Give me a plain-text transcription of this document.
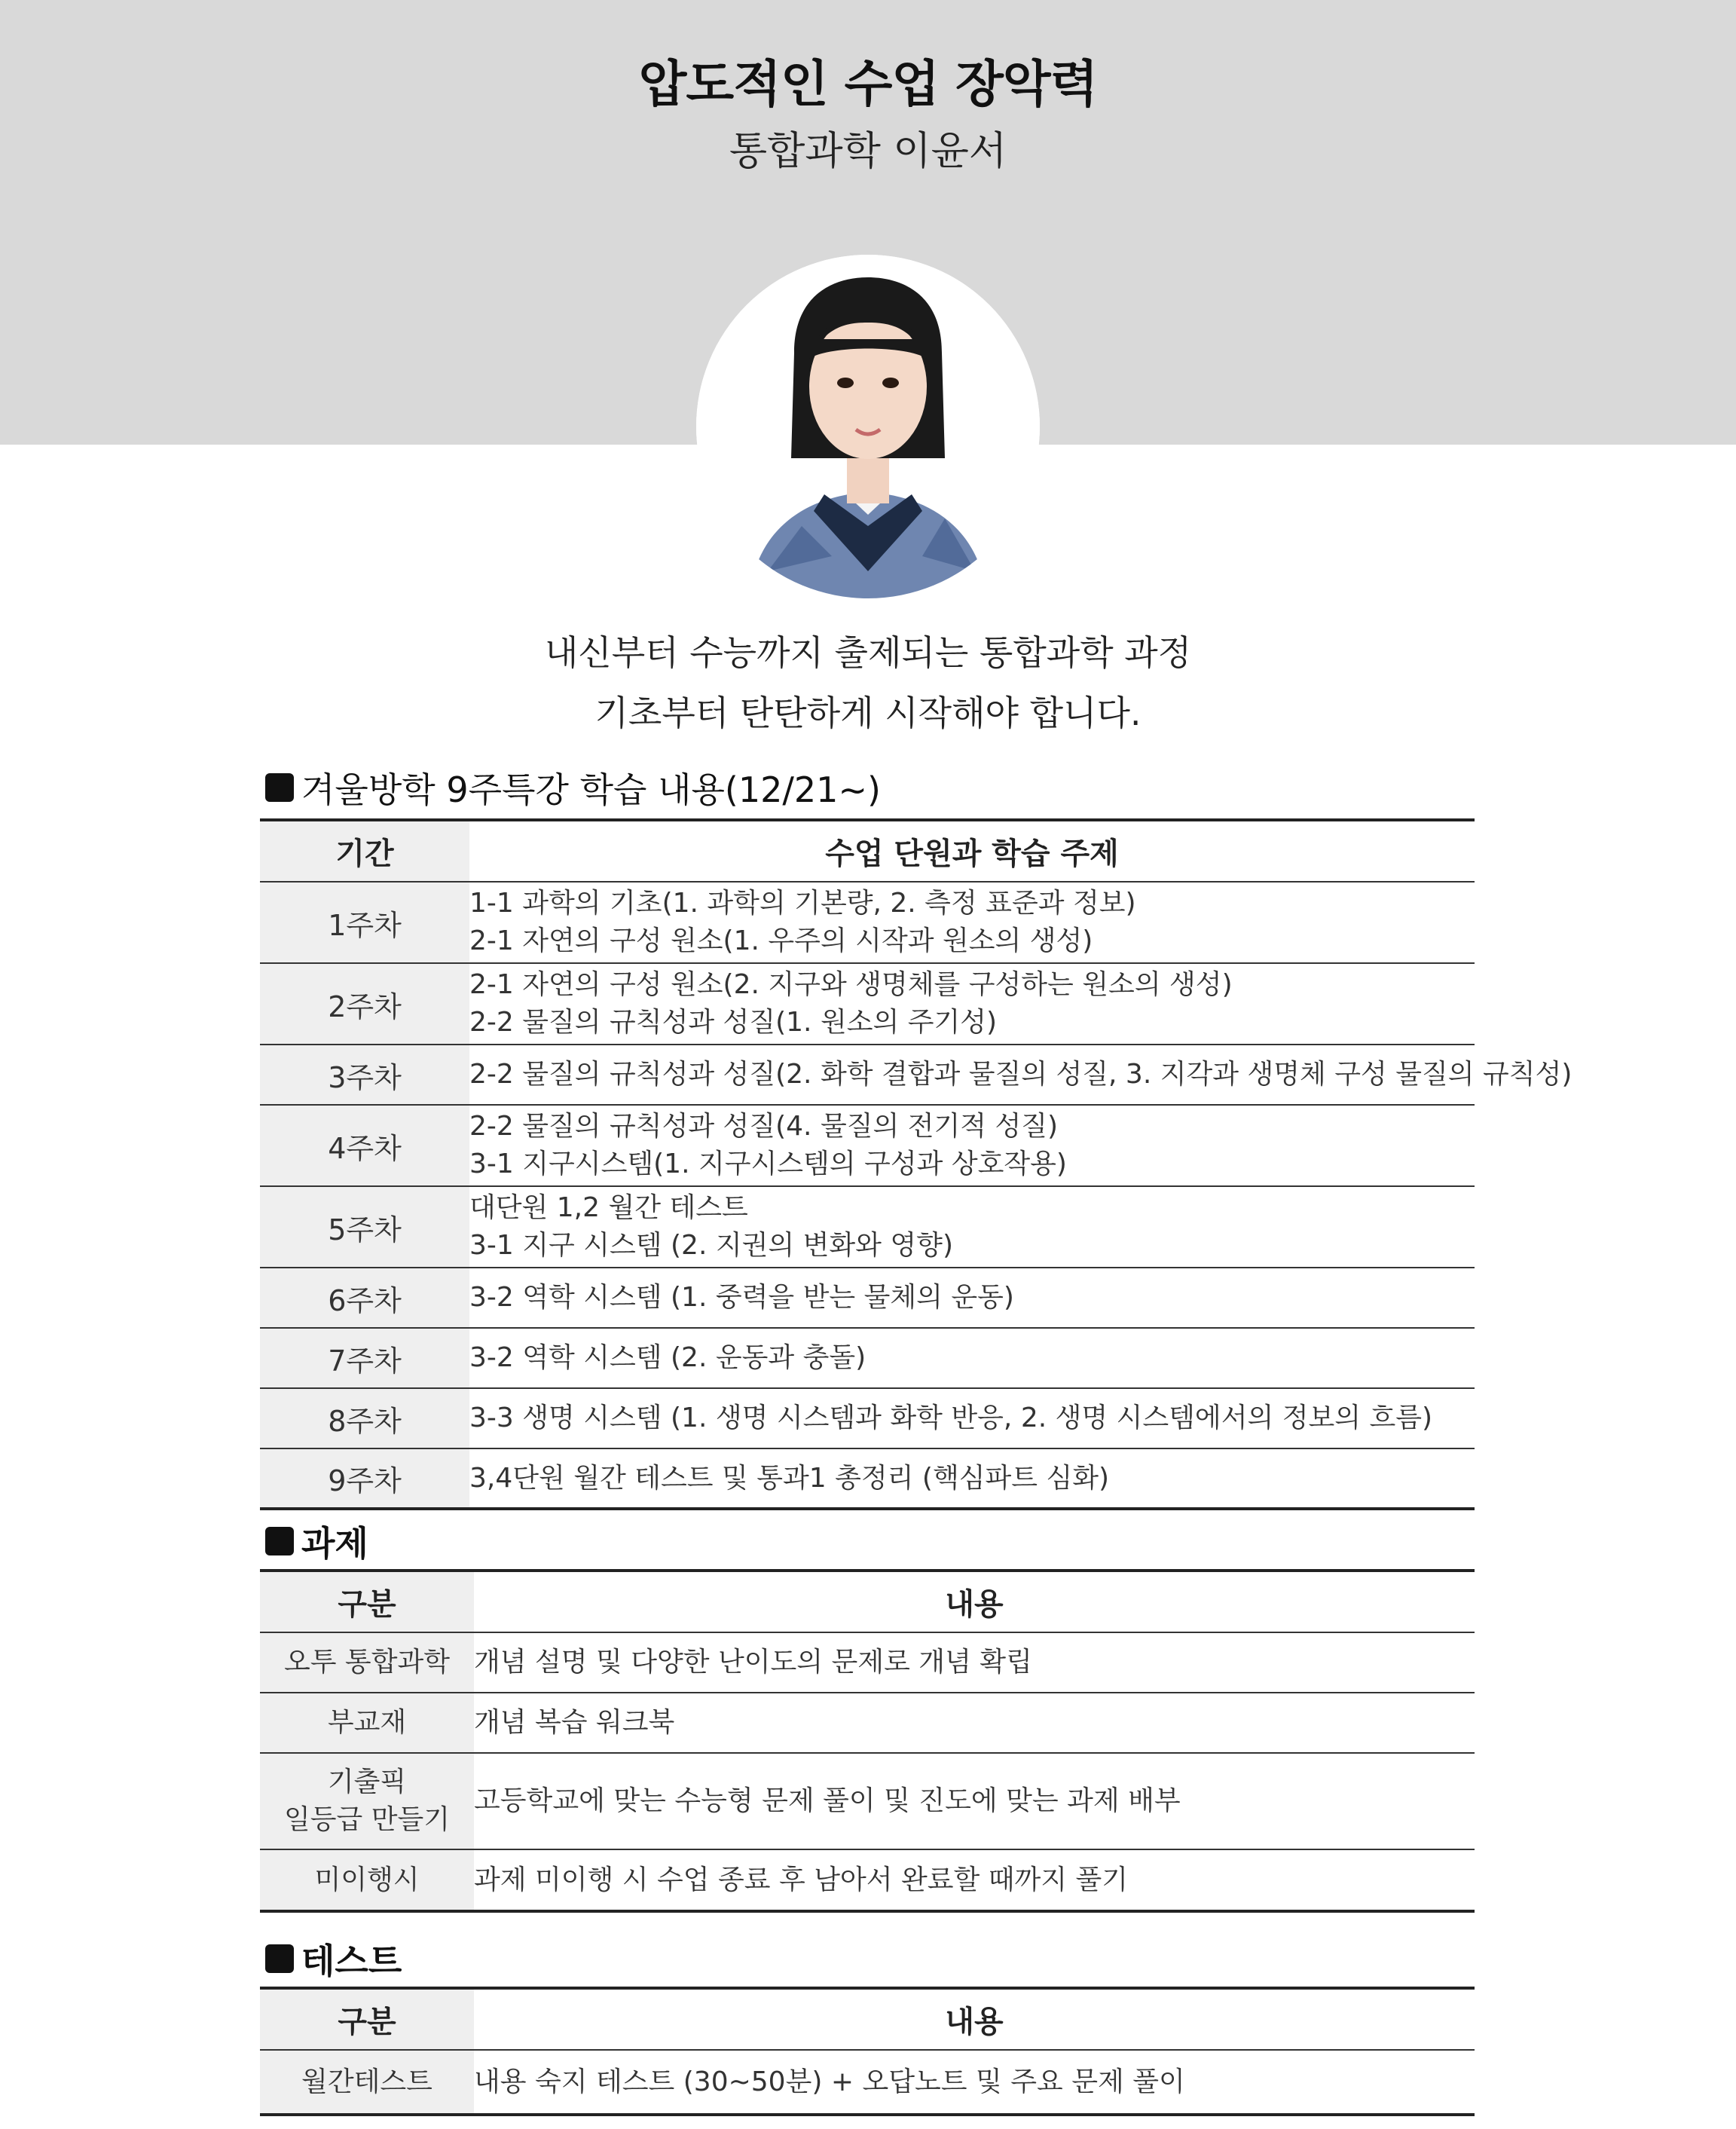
압도적인 수업 장악력
통합과학 이윤서
내신부터 수능까지 출제되는 통합과학 과정
기초부터 탄탄하게 시작해야 합니다.
겨울방학 9주특강 학습 내용(12/21~)
기간	수업 단원과 학습 주제
1주차	1-1 과학의 기초(1. 과학의 기본량, 2. 측정 표준과 정보)
2-1 자연의 구성 원소(1. 우주의 시작과 원소의 생성)

2주차	2-1 자연의 구성 원소(2. 지구와 생명체를 구성하는 원소의 생성)
2-2 물질의 규칙성과 성질(1. 원소의 주기성)

3주차	2-2 물질의 규칙성과 성질(2. 화학 결합과 물질의 성질, 3. 지각과 생명체 구성 물질의 규칙성)

4주차	2-2 물질의 규칙성과 성질(4. 물질의 전기적 성질)
3-1 지구시스템(1. 지구시스템의 구성과 상호작용)

5주차	대단원 1,2 월간 테스트
3-1 지구 시스템 (2. 지권의 변화와 영향)

6주차	3-2 역학 시스템 (1. 중력을 받는 물체의 운동)

7주차	3-2 역학 시스템 (2. 운동과 충돌)

8주차	3-3 생명 시스템 (1. 생명 시스템과 화학 반응, 2. 생명 시스템에서의 정보의 흐름)

9주차	3,4단원 월간 테스트 및 통과1 총정리 (핵심파트 심화)
과제
구분	내용

오투 통합과학	개념 설명 및 다양한 난이도의 문제로 개념 확립

부교재	개념 복습 워크북

기출픽
일등급 만들기	고등학교에 맞는 수능형 문제 풀이 및 진도에 맞는 과제 배부

미이행시	과제 미이행 시 수업 종료 후 남아서 완료할 때까지 풀기
테스트
구분	내용
월간테스트	내용 숙지 테스트 (30~50분) + 오답노트 및 주요 문제 풀이
